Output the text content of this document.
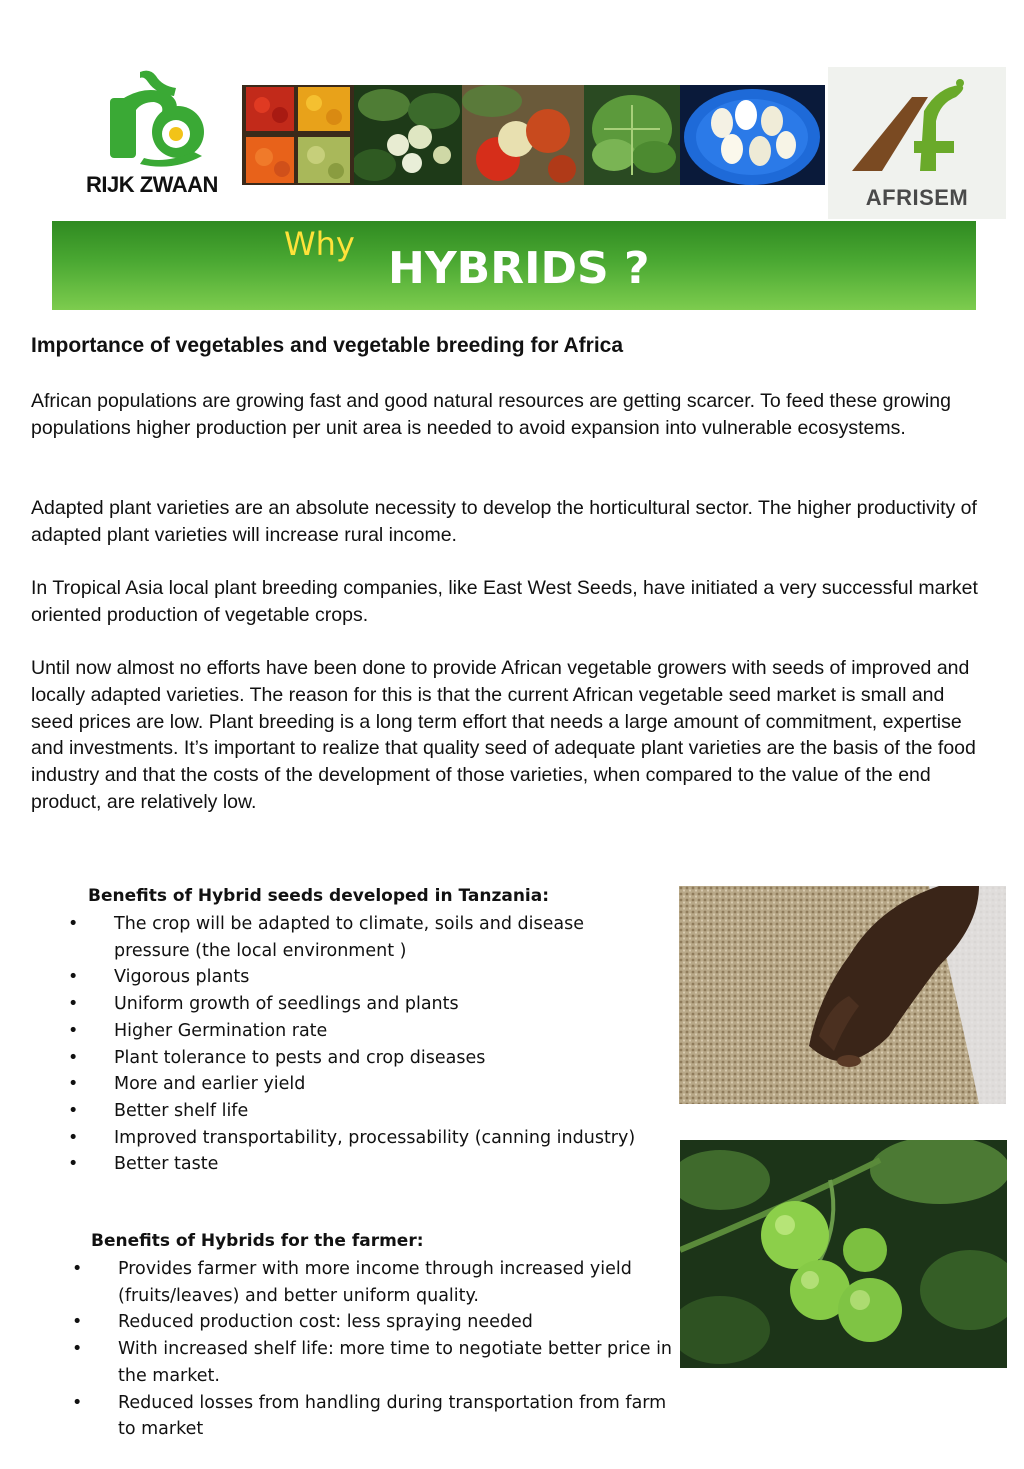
RIJK ZWAAN
AFRISEM
Why HYBRIDS ?
Importance of vegetables and vegetable breeding for Africa

African populations are growing fast and good natural resources are getting scarcer. To feed these growing populations higher production per unit area is needed to avoid expansion into vulnerable ecosystems.

Adapted plant varieties are an absolute necessity to develop the horticultural sector. The higher productivity of adapted plant varieties will increase rural income.

In Tropical Asia local plant breeding companies, like East West Seeds, have initiated a very successful market oriented production of vegetable crops.

Until now almost no efforts have been done to provide African vegetable growers with seeds of improved and locally adapted varieties. The reason for this is that the current African vegetable seed market is small and seed prices are low. Plant breeding is a long term effort that needs a large amount of commitment, expertise and investments. It’s important to realize that quality seed of adequate plant varieties are the basis of the food industry and that the costs of the development of those varieties, when compared to the value of the end product, are relatively low.

Benefits of Hybrid seeds developed in Tanzania:
• The crop will be adapted to climate, soils and disease pressure (the local environment )
• Vigorous plants
• Uniform growth of seedlings and plants
• Higher Germination rate
• Plant tolerance to pests and crop diseases
• More and earlier yield
• Better shelf life
• Improved transportability, processability (canning industry)
• Better taste
Benefits of Hybrids for the farmer:
• Provides farmer with more income through increased yield (fruits/leaves) and better uniform quality.
• Reduced production cost: less spraying needed
• With increased shelf life: more time to negotiate better price in the market.
• Reduced losses from handling during transportation from farm to market
